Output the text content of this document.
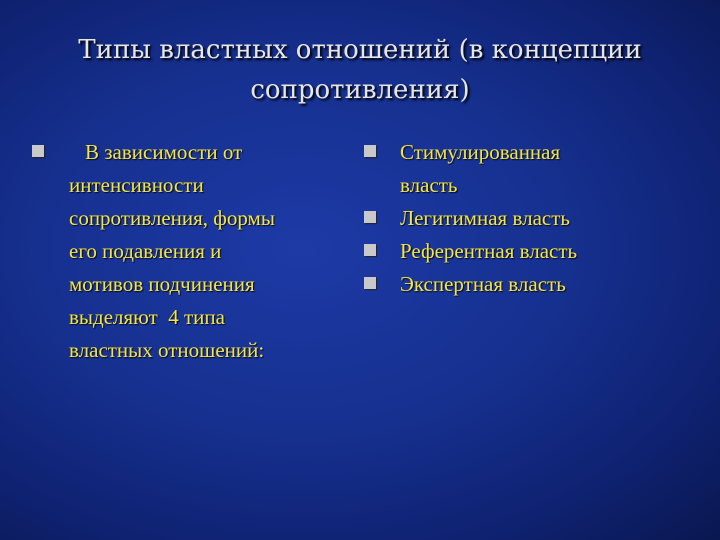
Типы властных отношений (в концепции
сопротивления)
В зависимости от
интенсивности
сопротивления, формы
его подавления и
мотивов подчинения
выделяют  4 типа
властных отношений:
Стимулированная
власть
Легитимная власть
Референтная власть
Экспертная власть
